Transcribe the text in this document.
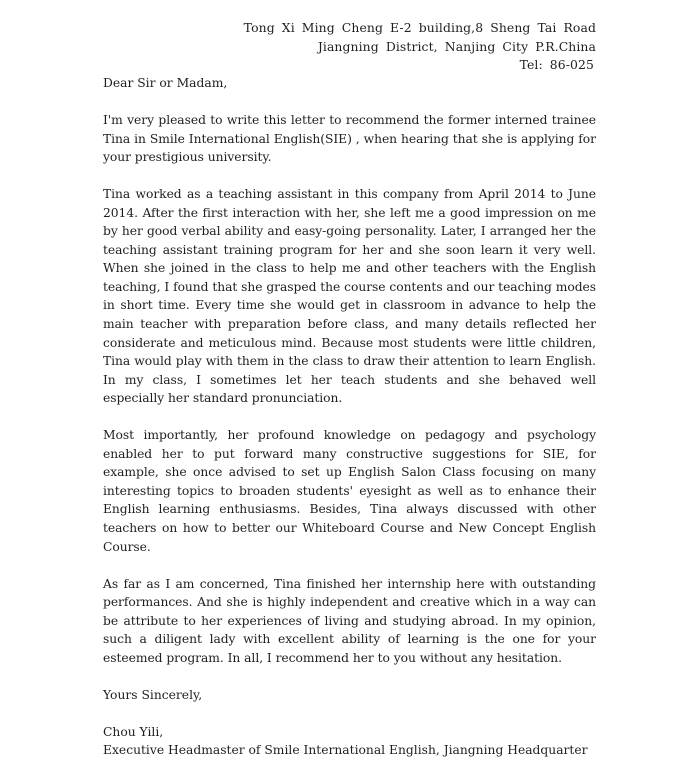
Tong Xi Ming Cheng E-2 building,8 Sheng Tai Road
Jiangning District, Nanjing City P.R.China
Tel: 86-025
Dear Sir or Madam,

I'm very pleased to write this letter to recommend the former interned trainee Tina in Smile International English(SIE) , when hearing that she is applying for your prestigious university.

Tina worked as a teaching assistant in this company from April 2014 to June 2014. After the first interaction with her, she left me a good impression on me by her good verbal ability and easy-going personality. Later, I arranged her the teaching assistant training program for her and she soon learn it very well. When she joined in the class to help me and other teachers with the English teaching, I found that she grasped the course contents and our teaching modes in short time. Every time she would get in classroom in advance to help the main teacher with preparation before class, and many details reflected her considerate and meticulous mind. Because most students were little children, Tina would play with them in the class to draw their attention to learn English. In my class, I sometimes let her teach students and she behaved well especially her standard pronunciation.

Most importantly, her profound knowledge on pedagogy and psychology enabled her to put forward many constructive suggestions for SIE, for example, she once advised to set up English Salon Class focusing on many interesting topics to broaden students' eyesight as well as to enhance their English learning enthusiasms. Besides, Tina always discussed with other teachers on how to better our Whiteboard Course and New Concept English Course.

As far as I am concerned, Tina finished her internship here with outstanding performances. And she is highly independent and creative which in a way can be attribute to her experiences of living and studying abroad. In my opinion, such a diligent lady with excellent ability of learning is the one for your esteemed program. In all, I recommend her to you without any hesitation.

Yours Sincerely,
Chou Yili,
Executive Headmaster of Smile International English, Jiangning Headquarter
